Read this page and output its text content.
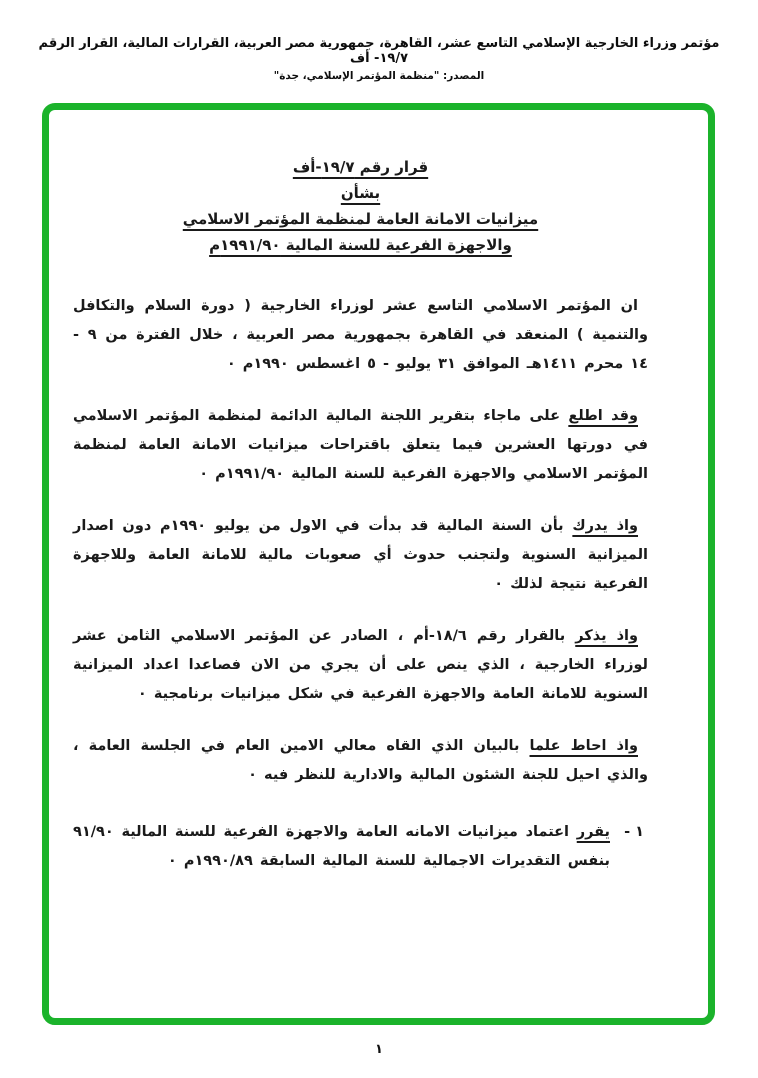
مؤتمر وزراء الخارجية الإسلامي التاسع عشر، القاهرة، جمهورية مصر العربية، القرارات المالية، القرار الرقم ١٩/٧- أف
المصدر: "منظمة المؤتمر الإسلامي، جدة"
قرار رقم ١٩/٧-أف
بشأن
ميزانيات الامانة العامة لمنظمة المؤتمر الاسلامي
والاجهزة الفرعية للسنة المالية ١٩٩١/٩٠م

ان المؤتمر الاسلامي التاسع عشر لوزراء الخارجية ( دورة السلام والتكافل والتنمية ) المنعقد في القاهرة بجمهورية مصر العربية ، خلال الفترة من ٩ - ١٤ محرم ١٤١١هـ الموافق ٣١ يوليو - ٥ اغسطس ١٩٩٠م ٠

وقد اطلع على ماجاء بتقرير اللجنة المالية الدائمة لمنظمة المؤتمر الاسلامي في دورتها العشرين فيما يتعلق باقتراحات ميزانيات الامانة العامة لمنظمة المؤتمر الاسلامي والاجهزة الفرعية للسنة المالية ١٩٩١/٩٠م ٠

واذ يدرك بأن السنة المالية قد بدأت في الاول من يوليو ١٩٩٠م دون اصدار الميزانية السنوية ولتجنب حدوث أي صعوبات مالية للامانة العامة وللاجهزة الفرعية نتيجة لذلك ٠

واذ يذكر بالقرار رقم ١٨/٦-أم ، الصادر عن المؤتمر الاسلامي الثامن عشر لوزراء الخارجية ، الذي ينص على أن يجري من الان فصاعدا اعداد الميزانية السنوية للامانة العامة والاجهزة الفرعية في شكل ميزانيات برنامجية ٠

واذ احاط علما بالبيان الذي القاه معالي الامين العام في الجلسة العامة ، والذي احيل للجنة الشئون المالية والادارية للنظر فيه ٠

١ -

يقرر اعتماد ميزانيات الامانه العامة والاجهزة الفرعية للسنة المالية ٩١/٩٠ بنفس التقديرات الاجمالية للسنة المالية السابقة ١٩٩٠/٨٩م ٠

١
